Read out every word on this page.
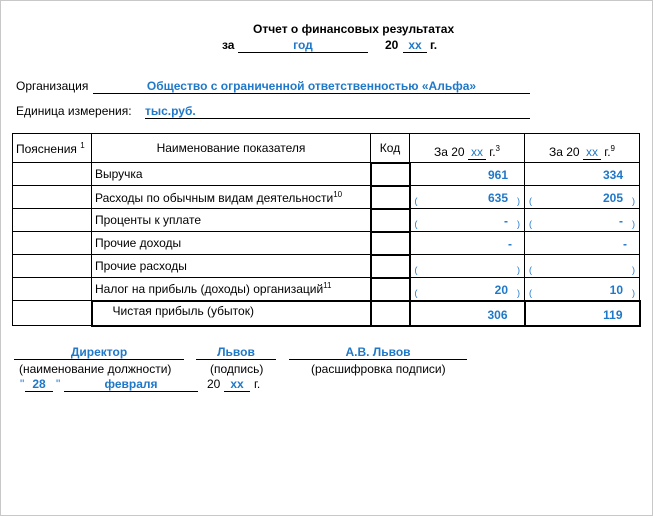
Отчет о финансовых результатах
за	год	20 xx г.
Организация	Общество с ограниченной ответственностью «Альфа»
Единица измерения: тыс.руб.
Пояснения $^1$	Наименование показателя	Код	За 20 xx г.$^3$	За 20 xx г.$^9$
	Выручка		961	334

	Расходы по обычным видам деятельности$^{10}$		( 635 )	( 205 )

	Проценты к уплате		( - )	( - )

	Прочие доходы		-	-

	Прочие расходы		( )	( )

	Налог на прибыль (доходы) организаций$^{11}$		( 20 )	( 10 )

	Чистая прибыль (убыток)		306	119
Директор
(наименование должности)
Львов
(подпись)
А.В. Львов
(расшифровка подписи)
" 28 "	февраля	20 xx г.
